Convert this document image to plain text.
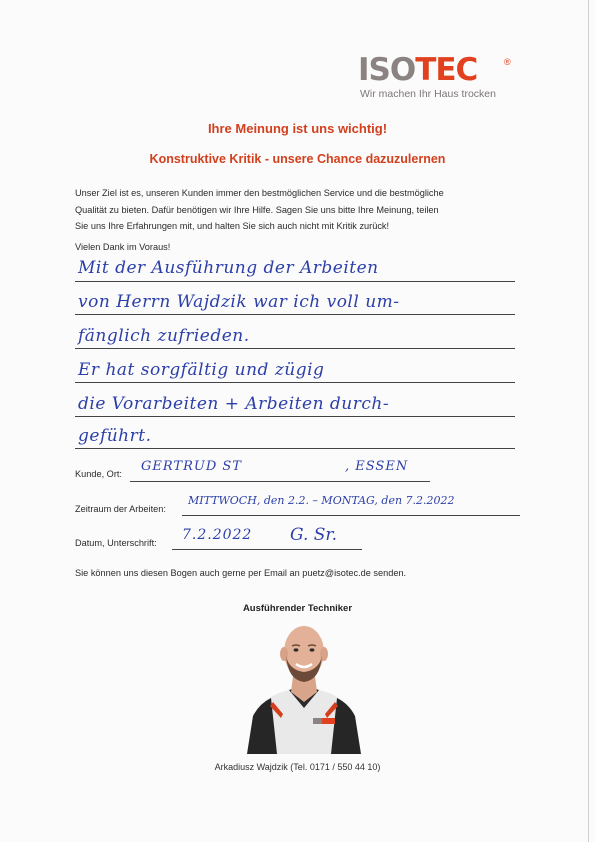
ISOTEC	®
Wir machen Ihr Haus trocken
Ihre Meinung ist uns wichtig!
Konstruktive Kritik - unsere Chance dazuzulernen
Unser Ziel ist es, unseren Kunden immer den bestmöglichen Service und die bestmögliche
Qualität zu bieten. Dafür benötigen wir Ihre Hilfe. Sagen Sie uns bitte Ihre Meinung, teilen
Sie uns Ihre Erfahrungen mit, und halten Sie sich auch nicht mit Kritik zurück!
Vielen Dank im Voraus!
Mit der Ausführung der Arbeiten
von Herrn Wajdzik war ich voll um-
fänglich zufrieden.
Er hat sorgfältig und zügig
die Vorarbeiten + Arbeiten durch-
geführt.
Kunde, Ort: GERTRUD ST	, ESSEN
Zeitraum der Arbeiten:
MITTWOCH, den 2.2. – MONTAG, den 7.2.2022
Datum, Unterschrift: 7.2.2022 G. Sr.
Sie können uns diesen Bogen auch gerne per Email an puetz@isotec.de senden.
Ausführender Techniker
Arkadiusz Wajdzik (Tel. 0171 / 550 44 10)
